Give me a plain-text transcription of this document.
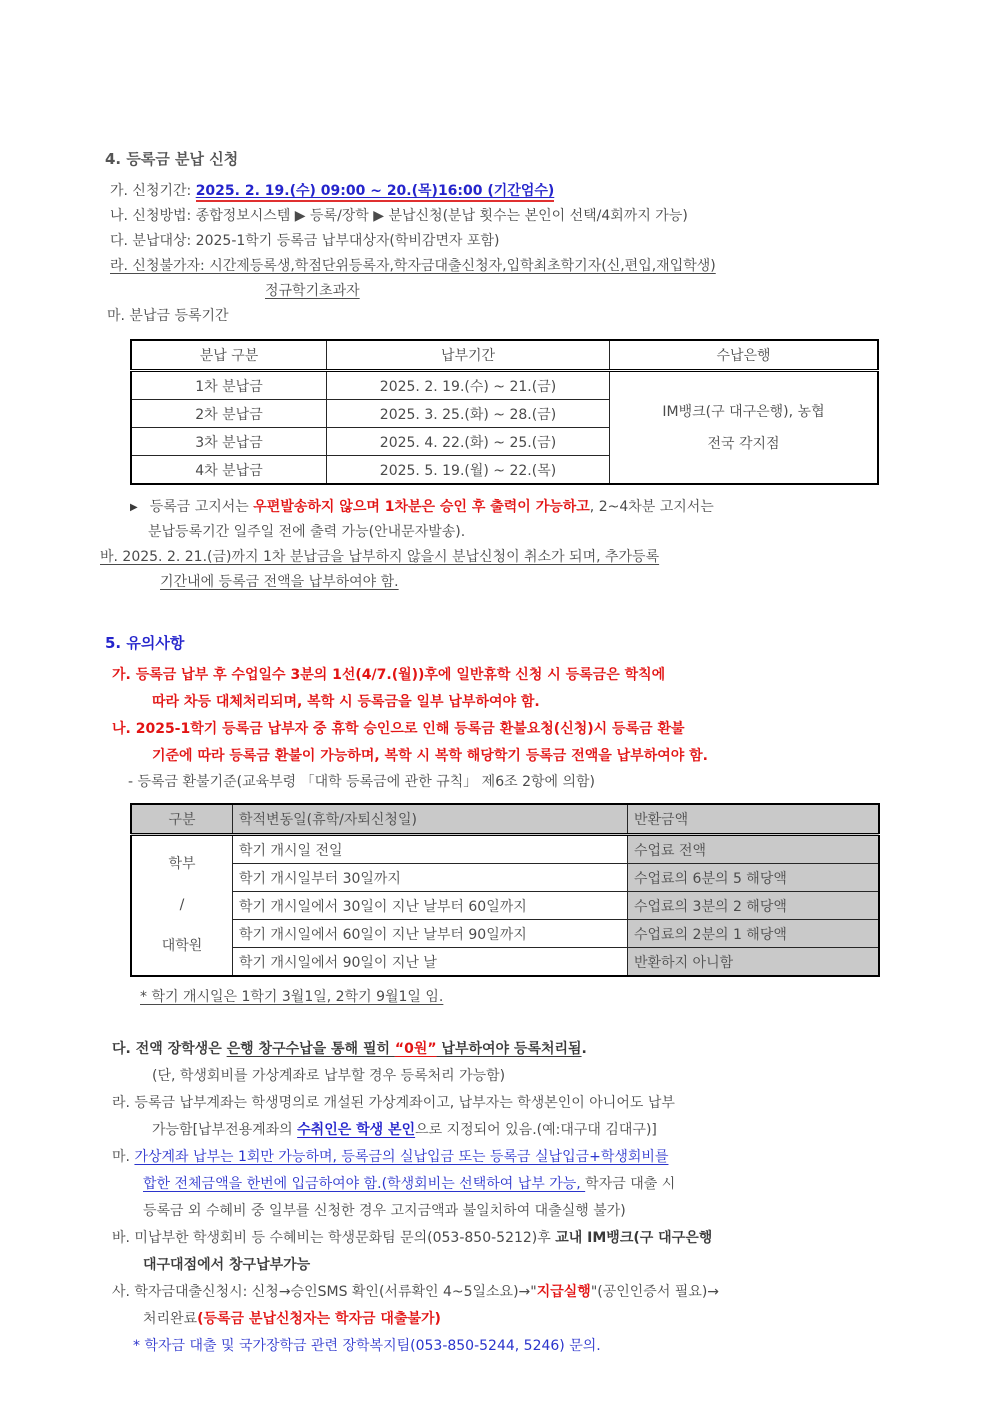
4. 등록금 분납 신청

가. 신청기간: 2025. 2. 19.(수) 09:00 ~ 20.(목)16:00 (기간엄수)

나. 신청방법: 종합정보시스템 ▶ 등록/장학 ▶ 분납신청(분납 횟수는 본인이 선택/4회까지 가능)

다. 분납대상: 2025-1학기 등록금 납부대상자(학비감면자 포함)

라. 신청불가자: 시간제등록생,학점단위등록자,학자금대출신청자,입학최초학기자(신,편입,재입학생)

정규학기초과자

마. 분납금 등록기간

분납 구분	납부기간	수납은행
1차 분납금	2025. 2. 19.(수) ~ 21.(금)	IM뱅크(구 대구은행), 농협
전국 각지점

2차 분납금	2025. 3. 25.(화) ~ 28.(금)	
3차 분납금	2025. 4. 22.(화) ~ 25.(금)	
4차 분납금	2025. 5. 19.(월) ~ 22.(목)	

▶ 등록금 고지서는 우편발송하지 않으며 1차분은 승인 후 출력이 가능하고, 2~4차분 고지서는

분납등록기간 일주일 전에 출력 가능(안내문자발송).

바. 2025. 2. 21.(금)까지 1차 분납금을 납부하지 않을시 분납신청이 취소가 되며, 추가등록

기간내에 등록금 전액을 납부하여야 함.

5. 유의사항

가. 등록금 납부 후 수업일수 3분의 1선(4/7.(월))후에 일반휴학 신청 시 등록금은 학칙에

따라 차등 대체처리되며, 복학 시 등록금을 일부 납부하여야 함.

나. 2025-1학기 등록금 납부자 중 휴학 승인으로 인해 등록금 환불요청(신청)시 등록금 환불

기준에 따라 등록금 환불이 가능하며, 복학 시 복학 해당학기 등록금 전액을 납부하여야 함.

- 등록금 환불기준(교육부령 「대학 등록금에 관한 규칙」 제6조 2항에 의함)

구분	학적변동일(휴학/자퇴신청일)	반환금액

학부
/
대학원	학기 개시일 전일	수업료 전액
	학기 개시일부터 30일까지	수업료의 6분의 5 해당액
	학기 개시일에서 30일이 지난 날부터 60일까지	수업료의 3분의 2 해당액
	학기 개시일에서 60일이 지난 날부터 90일까지	수업료의 2분의 1 해당액
	학기 개시일에서 90일이 지난 날	반환하지 아니함

* 학기 개시일은 1학기 3월1일, 2학기 9월1일 임.

다. 전액 장학생은 은행 창구수납을 통해 필히 “0원” 납부하여야 등록처리됨.

(단, 학생회비를 가상계좌로 납부할 경우 등록처리 가능함)

라. 등록금 납부계좌는 학생명의로 개설된 가상계좌이고, 납부자는 학생본인이 아니어도 납부

가능함[납부전용계좌의 수취인은 학생 본인으로 지정되어 있음.(예:대구대 김대구)]

마. 가상계좌 납부는 1회만 가능하며, 등록금의 실납입금 또는 등록금 실납입금+학생회비를

합한 전체금액을 한번에 입금하여야 함.(학생회비는 선택하여 납부 가능, 학자금 대출 시

등록금 외 수혜비 중 일부를 신청한 경우 고지금액과 불일치하여 대출실행 불가)

바. 미납부한 학생회비 등 수혜비는 학생문화팀 문의(053-850-5212)후 교내 IM뱅크(구 대구은행

대구대점에서 창구납부가능

사. 학자금대출신청시: 신청→승인SMS 확인(서류확인 4~5일소요)→"지급실행"(공인인증서 필요)→

처리완료(등록금 분납신청자는 학자금 대출불가)

* 학자금 대출 및 국가장학금 관련 장학복지팀(053-850-5244, 5246) 문의.
